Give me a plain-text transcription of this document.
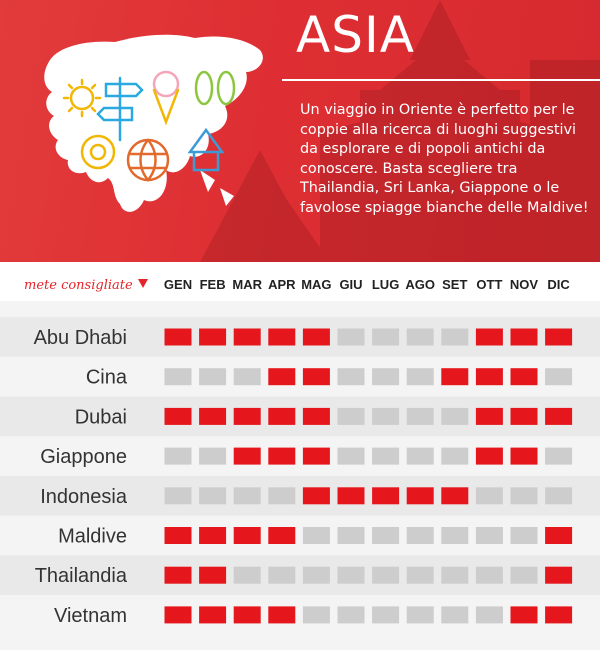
ASIA

Un viaggio in Oriente è perfetto per le coppie alla ricerca di luoghi suggestivi da esplorare e di popoli antichi da conoscere. Basta scegliere tra Thailandia, Sri Lanka, Giappone o le favolose spiagge bianche delle Maldive!

mete consigliate GEN FEB MAR APR MAG GIU LUG AGO SET OTT NOV DIC
Abu Dhabi
Cina
Dubai
Giappone
Indonesia
Maldive
Thailandia
Vietnam
